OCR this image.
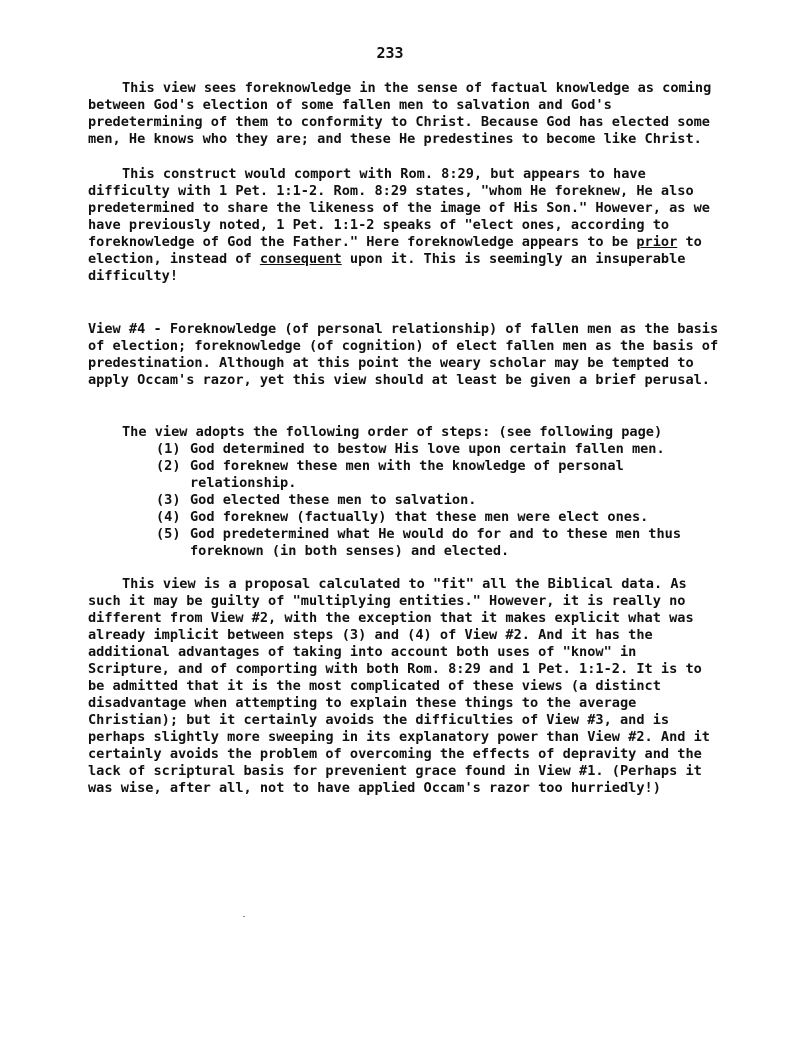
233

This view sees foreknowledge in the sense of factual knowledge as coming between God's election of some fallen men to salvation and God's predetermining of them to conformity to Christ. Because God has elected some men, He knows who they are; and these He predestines to become like Christ.

This construct would comport with Rom. 8:29, but appears to have difficulty with 1 Pet. 1:1-2. Rom. 8:29 states, "whom He foreknew, He also predetermined to share the likeness of the image of His Son." However, as we have previously noted, 1 Pet. 1:1-2 speaks of "elect ones, according to foreknowledge of God the Father." Here foreknowledge appears to be prior to election, instead of consequent upon it. This is seemingly an insuperable difficulty!

View #4 - Foreknowledge (of personal relationship) of fallen men as the basis of election; foreknowledge (of cognition) of elect fallen men as the basis of predestination. Although at this point the weary scholar may be tempted to apply Occam's razor, yet this view should at least be given a brief perusal.

The view adopts the following order of steps: (see following page)

(1) God determined to bestow His love upon certain fallen men.
(2) God foreknew these men with the knowledge of personal relationship.
(3) God elected these men to salvation.
(4) God foreknew (factually) that these men were elect ones.
(5) God predetermined what He would do for and to these men thus foreknown (in both senses) and elected.

This view is a proposal calculated to "fit" all the Biblical data. As such it may be guilty of "multiplying entities." However, it is really no different from View #2, with the exception that it makes explicit what was already implicit between steps (3) and (4) of View #2. And it has the additional advantages of taking into account both uses of "know" in Scripture, and of comporting with both Rom. 8:29 and 1 Pet. 1:1-2. It is to be admitted that it is the most complicated of these views (a distinct disadvantage when attempting to explain these things to the average Christian); but it certainly avoids the difficulties of View #3, and is perhaps slightly more sweeping in its explanatory power than View #2. And it certainly avoids the problem of overcoming the effects of depravity and the lack of scriptural basis for prevenient grace found in View #1. (Perhaps it was wise, after all, not to have applied Occam's razor too hurriedly!)
